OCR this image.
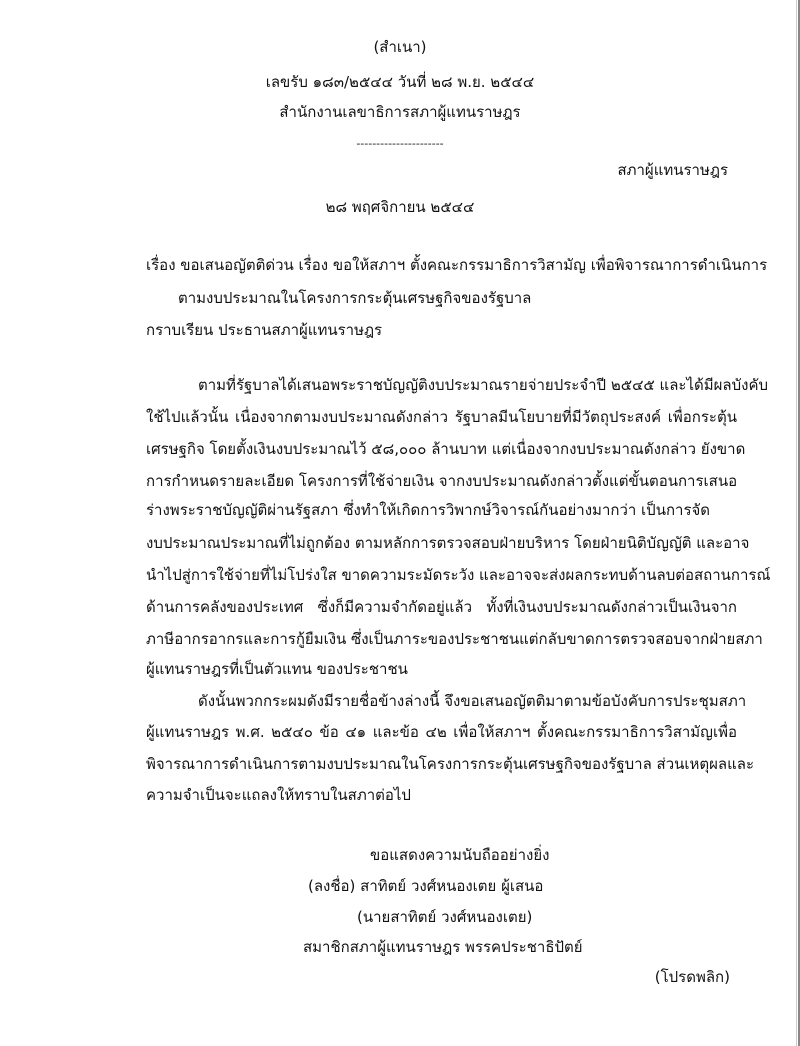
(สำเนา)
เลขรับ ๑๘๓/๒๕๔๔ วันที่ ๒๘ พ.ย. ๒๕๔๔
สำนักงานเลขาธิการสภาผู้แทนราษฎร
----------------------
สภาผู้แทนราษฎร
๒๘ พฤศจิกายน ๒๕๔๔
เรื่อง ขอเสนอญัตติด่วน เรื่อง ขอให้สภาฯ ตั้งคณะกรรมาธิการวิสามัญ เพื่อพิจารณาการดำเนินการ
ตามงบประมาณในโครงการกระตุ้นเศรษฐกิจของรัฐบาล
กราบเรียน ประธานสภาผู้แทนราษฎร
ตามที่รัฐบาลได้เสนอพระราชบัญญัติงบประมาณรายจ่ายประจำปี ๒๕๔๕ และได้มีผลบังคับ
ใช้ไปแล้วนั้น เนื่องจากตามงบประมาณดังกล่าว รัฐบาลมีนโยบายที่มีวัตถุประสงค์ เพื่อกระตุ้น
เศรษฐกิจ โดยตั้งเงินงบประมาณไว้ ๕๘,๐๐๐ ล้านบาท แต่เนื่องจากงบประมาณดังกล่าว ยังขาด
การกำหนดรายละเอียด โครงการที่ใช้จ่ายเงิน จากงบประมาณดังกล่าวตั้งแต่ขั้นตอนการเสนอ
ร่างพระราชบัญญัติผ่านรัฐสภา ซึ่งทำให้เกิดการวิพากษ์วิจารณ์กันอย่างมากว่า เป็นการจัด
งบประมาณประมาณที่ไม่ถูกต้อง ตามหลักการตรวจสอบฝ่ายบริหาร โดยฝ่ายนิติบัญญัติ และอาจ
นำไปสู่การใช้จ่ายที่ไม่โปร่งใส ขาดความระมัดระวัง และอาจจะส่งผลกระทบด้านลบต่อสถานการณ์
ด้านการคลังของประเทศ ซึ่งก็มีความจำกัดอยู่แล้ว ทั้งที่เงินงบประมาณดังกล่าวเป็นเงินจาก
ภาษีอากรอากรและการกู้ยืมเงิน ซึ่งเป็นภาระของประชาชนแต่กลับขาดการตรวจสอบจากฝ่ายสภา
ผู้แทนราษฎรที่เป็นตัวแทน ของประชาชน
ดังนั้นพวกกระผมดังมีรายชื่อข้างล่างนี้ จึงขอเสนอญัตติมาตามข้อบังคับการประชุมสภา
ผู้แทนราษฎร พ.ศ. ๒๕๔๐ ข้อ ๔๑ และข้อ ๔๒ เพื่อให้สภาฯ ตั้งคณะกรรมาธิการวิสามัญเพื่อ
พิจารณาการดำเนินการตามงบประมาณในโครงการกระตุ้นเศรษฐกิจของรัฐบาล ส่วนเหตุผลและ
ความจำเป็นจะแถลงให้ทราบในสภาต่อไป
ขอแสดงความนับถืออย่างยิ่ง
(ลงชื่อ) สาทิตย์ วงศ์หนองเตย ผู้เสนอ
(นายสาทิตย์ วงศ์หนองเตย)
สมาชิกสภาผู้แทนราษฎร พรรคประชาธิปัตย์
(โปรดพลิก)
